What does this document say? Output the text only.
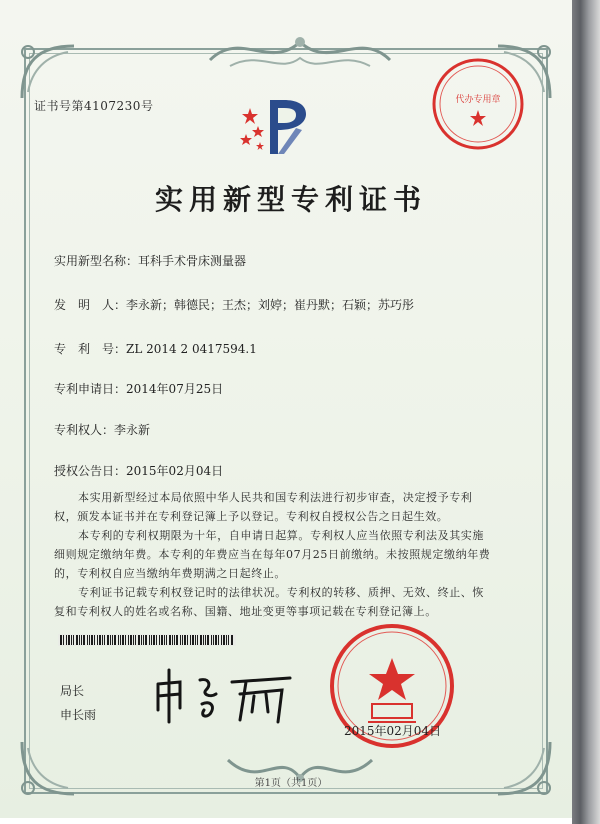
证书号第4107230号	代办专用章
实用新型专利证书
实用新型名称：耳科手术骨床测量器
发　明　人：李永新；韩德民；王杰；刘婷；崔丹默；石颖；苏巧彤
专　利　号：ZL 2014 2 0417594.1
专利申请日：2014年07月25日
专利权人：李永新
授权公告日：2015年02月04日
本实用新型经过本局依照中华人民共和国专利法进行初步审查，决定授予专利权，颁发本证书并在专利登记簿上予以登记。专利权自授权公告之日起生效。
本专利的专利权期限为十年，自申请日起算。专利权人应当依照专利法及其实施细则规定缴纳年费。本专利的年费应当在每年07月25日前缴纳。未按照规定缴纳年费的，专利权自应当缴纳年费期满之日起终止。
专利证书记载专利权登记时的法律状况。专利权的转移、质押、无效、终止、恢复和专利权人的姓名或名称、国籍、地址变更等事项记载在专利登记簿上。
局长
申长雨
2015年02月04日
第1页（共1页）
